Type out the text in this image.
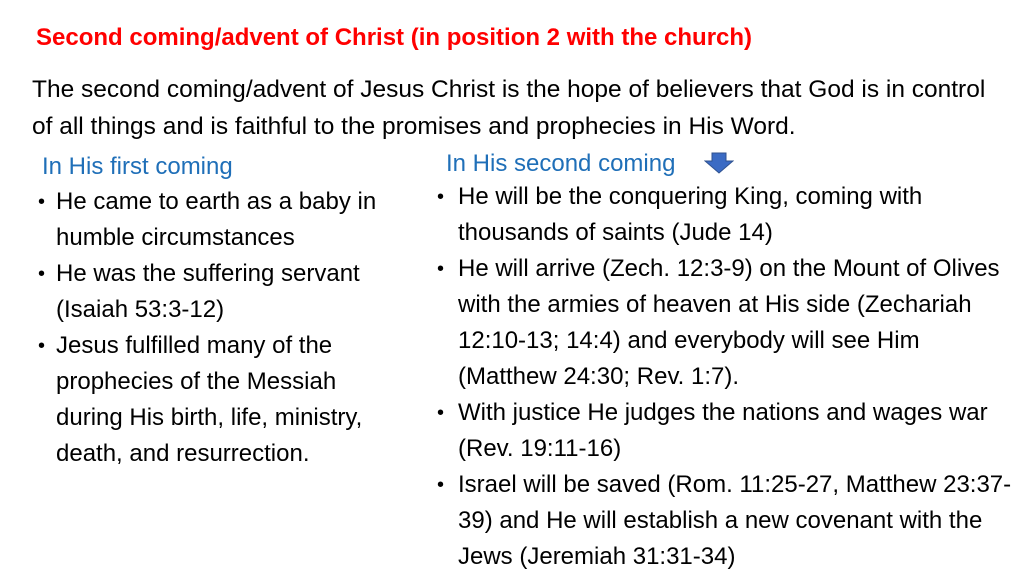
Second coming/advent of Christ (in position 2 with the church)
The second coming/advent of Jesus Christ is the hope of believers that God is in control of all things and is faithful to the promises and prophecies in His Word.
In His first coming
• He came to earth as a baby in humble circumstances
• He was the suffering servant (Isaiah 53:3-12)
• Jesus fulfilled many of the prophecies of the Messiah during His birth, life, ministry, death, and resurrection.
In His second coming
• He will be the conquering King, coming with thousands of saints (Jude 14)
• He will arrive (Zech. 12:3-9) on the Mount of Olives with the armies of heaven at His side (Zechariah 12:10-13; 14:4) and everybody will see Him (Matthew 24:30; Rev. 1:7).
• With justice He judges the nations and wages war (Rev. 19:11-16)
• Israel will be saved (Rom. 11:25-27, Matthew 23:37-39) and He will establish a new covenant with the Jews (Jeremiah 31:31-34)
